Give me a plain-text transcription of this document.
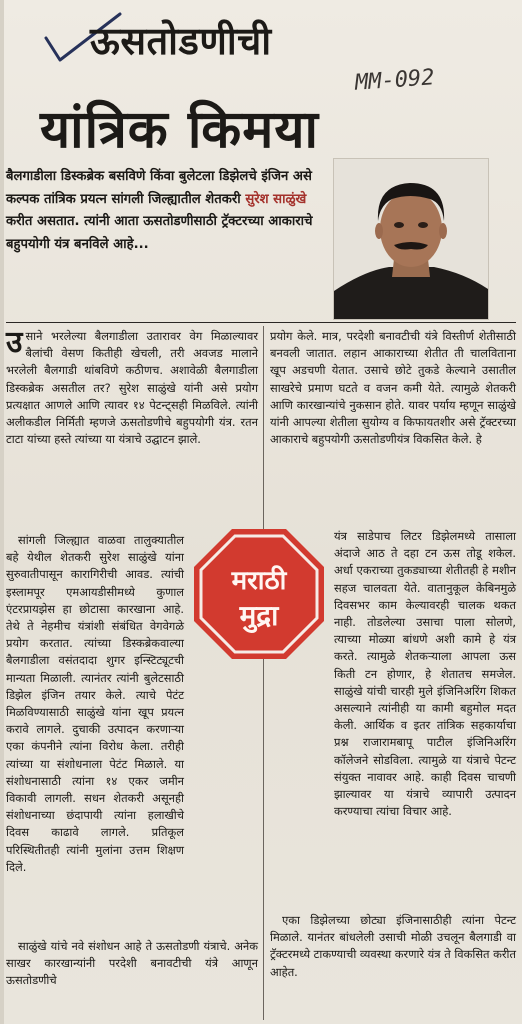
ऊसतोडणीची
MM-092
यांत्रिक किमया
बैलगाडीला डिस्कब्रेक बसविणे किंवा बुलेटला डिझेलचे इंजिन असे कल्पक तांत्रिक प्रयत्न सांगली जिल्ह्यातील शेतकरी सुरेश साळुंखे करीत असतात. त्यांनी आता ऊसतोडणीसाठी ट्रॅक्टरच्या आकाराचे बहुपयोगी यंत्र बनविले आहे...

उसाने भरलेल्या बैलगाडीला उतारावर वेग मिळाल्यावर बैलांची वेसण कितीही खेचली, तरी अवजड मालाने भरलेली बैलगाडी थांबविणे कठीणच. अशावेळी बैलगाडीला डिस्कब्रेक असतील तर? सुरेश साळुंखे यांनी असे प्रयोग प्रत्यक्षात आणले आणि त्यावर १४ पेटन्ट्सही मिळविले. त्यांनी अलीकडील निर्मिती म्हणजे ऊसतोडणीचे बहुपयोगी यंत्र. रतन टाटा यांच्या हस्ते त्यांच्या या यंत्राचे उद्घाटन झाले.

सांगली जिल्ह्यात वाळवा तालुक्यातील बहे येथील शेतकरी सुरेश साळुंखे यांना सुरुवातीपासून कारागिरीची आवड. त्यांची इस्लामपूर एमआयडीसीमध्ये कुणाल एंटरप्रायझेस हा छोटासा कारखाना आहे. तेथे ते नेहमीच यंत्रांशी संबंधित वेगवेगळे प्रयोग करतात. त्यांच्या डिस्कब्रेकवाल्या बैलगाडीला वसंतदादा शुगर इन्स्टिट्यूटची मान्यता मिळाली. त्यानंतर त्यांनी बुलेटसाठी डिझेल इंजिन तयार केले. त्याचे पेटंट मिळविण्यासाठी साळुंखे यांना खूप प्रयत्न करावे लागले. दुचाकी उत्पादन करणाऱ्या एका कंपनीने त्यांना विरोध केला. तरीही त्यांच्या या संशोधनाला पेटंट मिळाले. या संशोधनासाठी त्यांना १४ एकर जमीन विकावी लागली. सधन शेतकरी असूनही संशोधनाच्या छंदापायी त्यांना हलाखीचे दिवस काढावे लागले. प्रतिकूल परिस्थितीतही त्यांनी मुलांना उत्तम शिक्षण दिले.

साळुंखे यांचे नवे संशोधन आहे ते ऊसतोडणी यंत्राचे. अनेक साखर कारखान्यांनी परदेशी बनावटीची यंत्रे आणून ऊसतोडणीचे

प्रयोग केले. मात्र, परदेशी बनावटीची यंत्रे विस्तीर्ण शेतीसाठी बनवली जातात. लहान आकाराच्या शेतीत ती चालविताना खूप अडचणी येतात. उसाचे छोटे तुकडे केल्याने उसातील साखरेचे प्रमाण घटते व वजन कमी येते. त्यामुळे शेतकरी आणि कारखान्यांचे नुकसान होते. यावर पर्याय म्हणून साळुंखे यांनी आपल्या शेतीला सुयोग्य व किफायतशीर असे ट्रॅक्टरच्या आकाराचे बहुपयोगी ऊसतोडणीयंत्र विकसित केले. हे

यंत्र साडेपाच लिटर डिझेलमध्ये तासाला अंदाजे आठ ते दहा टन ऊस तोडू शकेल. अर्धा एकराच्या तुकड्याच्या शेतीतही हे मशीन सहज चालवता येते. वातानुकूल केबिनमुळे दिवसभर काम केल्यावरही चालक थकत नाही. तोडलेल्या उसाचा पाला सोलणे, त्याच्या मोळ्या बांधणे अशी कामे हे यंत्र करते. त्यामुळे शेतकऱ्याला आपला ऊस किती टन होणार, हे शेतातच समजेल. साळुंखे यांची चारही मुले इंजिनिअरिंग शिकत असल्याने त्यांनीही या कामी बहुमोल मदत केली. आर्थिक व इतर तांत्रिक सहकार्याचा प्रश्न राजारामबापू पाटील इंजिनिअरिंग कॉलेजने सोडविला. त्यामुळे या यंत्राचे पेटन्ट संयुक्त नावावर आहे. काही दिवस चाचणी झाल्यावर या यंत्राचे व्यापारी उत्पादन करण्याचा त्यांचा विचार आहे.

एका डिझेलच्या छोट्या इंजिनासाठीही त्यांना पेटन्ट मिळाले. यानंतर बांधलेली उसाची मोळी उचलून बैलगाडी वा ट्रॅक्टरमध्ये टाकण्याची व्यवस्था करणारे यंत्र ते विकसित करीत आहेत.

मराठी
मुद्रा
